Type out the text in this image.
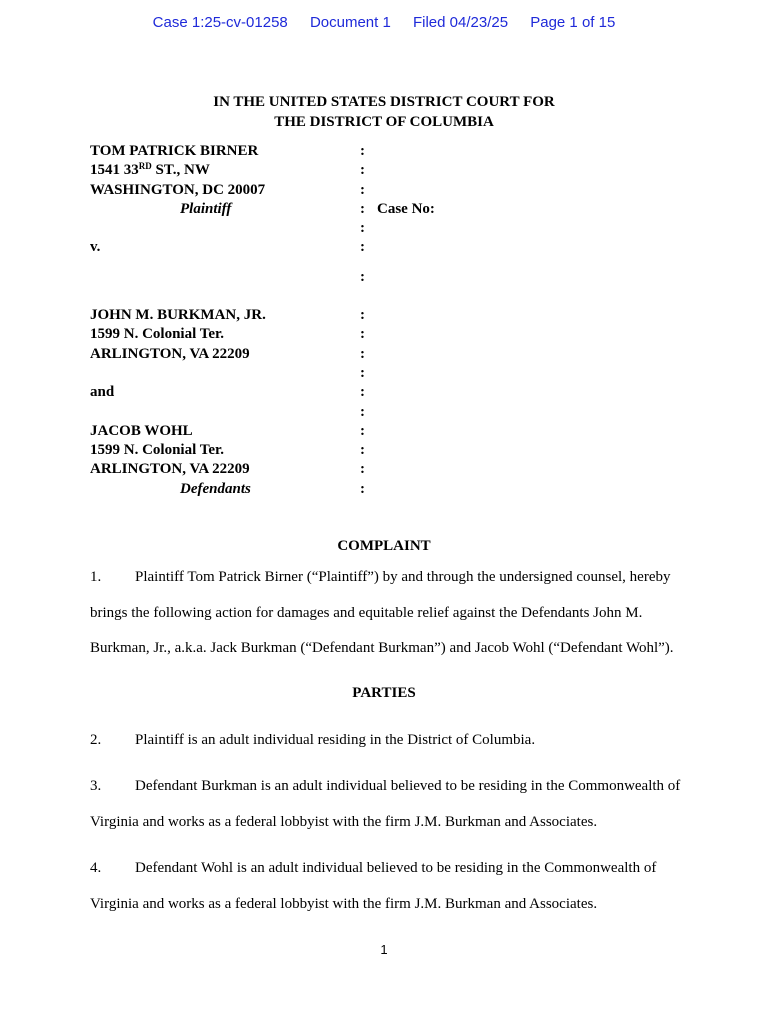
Case 1:25-cv-01258 Document 1 Filed 04/23/25 Page 1 of 15
IN THE UNITED STATES DISTRICT COURT FOR
THE DISTRICT OF COLUMBIA
TOM PATRICK BIRNER	:
1541 33RD ST., NW	:
WASHINGTON, DC 20007	:
Plaintiff	: Case No:
:
v.	:
:
JOHN M. BURKMAN, JR.	:
1599 N. Colonial Ter.	:
ARLINGTON, VA 22209	:
:
and	:
:
JACOB WOHL	:
1599 N. Colonial Ter.	:
ARLINGTON, VA 22209	:
Defendants	:
COMPLAINT
1. Plaintiff Tom Patrick Birner (“Plaintiff”) by and through the undersigned counsel, hereby brings the following action for damages and equitable relief against the Defendants John M. Burkman, Jr., a.k.a. Jack Burkman (“Defendant Burkman”) and Jacob Wohl (“Defendant Wohl”).
PARTIES
2. Plaintiff is an adult individual residing in the District of Columbia.
3. Defendant Burkman is an adult individual believed to be residing in the Commonwealth of Virginia and works as a federal lobbyist with the firm J.M. Burkman and Associates.
4. Defendant Wohl is an adult individual believed to be residing in the Commonwealth of Virginia and works as a federal lobbyist with the firm J.M. Burkman and Associates.
1
